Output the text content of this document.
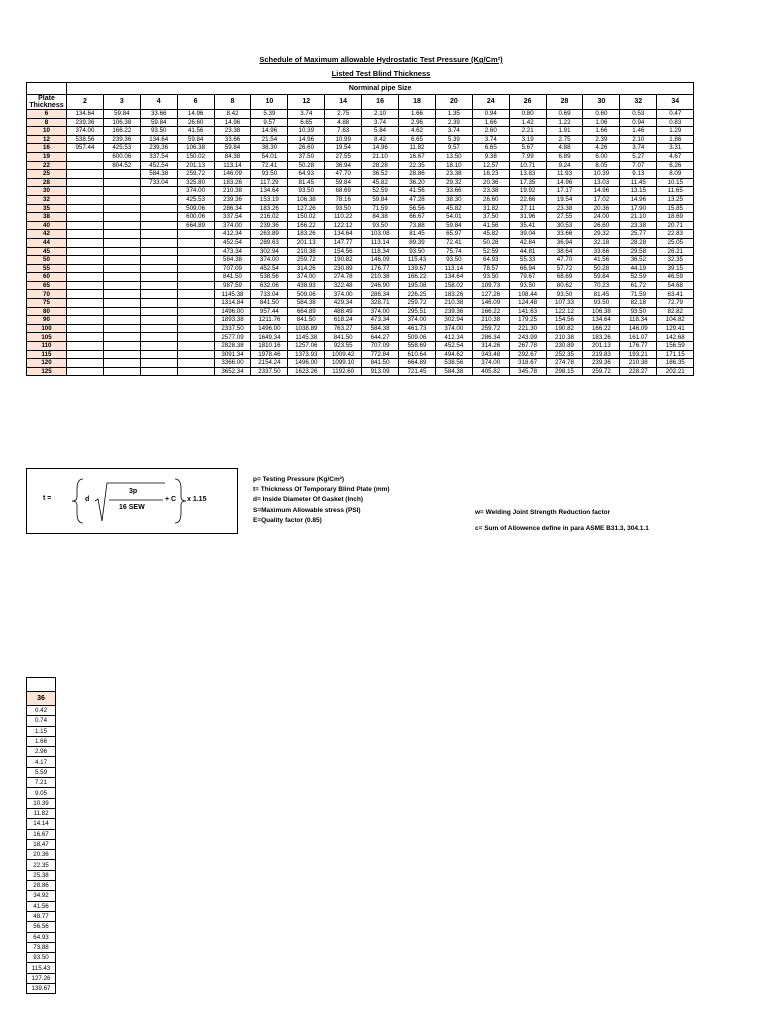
Schedule of Maximum allowable Hydrostatic Test Pressure (Kg/Cm²)
Listed Test Blind Thickness
	Norminal pipe Size																
Plate Thickness	2	3	4	6	8	10	12	14	16	18	20	24	26	28	30	32	34
6	134.64	59.84	33.66	14.96	8.42	5.39	3.74	2.75	2.10	1.66	1.35	0.94	0.80	0.69	0.60	0.53	0.47
8	239.36	106.38	59.84	26.60	14.96	9.57	6.65	4.88	3.74	2.96	2.39	1.66	1.42	1.22	1.06	0.94	0.83
10	374.00	166.22	93.50	41.56	23.38	14.96	10.39	7.63	5.84	4.62	3.74	2.60	2.21	1.91	1.66	1.46	1.29
12	538.56	239.36	134.64	59.84	33.66	21.54	14.96	10.99	8.42	6.65	5.39	3.74	3.19	2.75	2.39	2.10	1.86
16	957.44	425.53	239.36	106.38	59.84	38.30	26.60	19.54	14.96	11.82	9.57	6.65	5.67	4.88	4.26	3.74	3.31
19		600.06	337.54	150.02	84.38	54.01	37.50	27.55	21.10	16.67	13.50	9.38	7.99	6.89	6.00	5.27	4.67
22		804.52	452.54	201.13	113.14	72.41	50.28	36.94	28.28	22.35	18.10	12.57	10.71	9.24	8.05	7.07	6.26
25			584.38	259.72	146.09	93.50	64.93	47.70	36.52	28.86	23.38	16.23	13.83	11.93	10.39	9.13	8.09
28			733.04	325.80	183.26	117.29	81.45	59.84	45.82	36.20	29.32	20.36	17.35	14.96	13.03	11.45	10.15
30				374.00	210.38	134.64	93.50	68.69	52.59	41.56	33.66	23.38	19.92	17.17	14.96	13.15	11.65
32				425.53	239.36	153.19	106.38	78.16	59.84	47.28	38.30	26.60	22.66	19.54	17.02	14.96	13.25
35				509.06	286.34	183.26	127.26	93.50	71.59	56.56	45.82	31.82	27.11	23.38	20.36	17.90	15.85
38				600.06	337.54	216.02	150.02	110.22	84.38	66.67	54.01	37.50	31.96	27.55	24.00	21.10	18.69
40				664.89	374.00	239.36	166.22	122.12	93.50	73.88	59.84	41.56	35.41	30.53	26.60	23.38	20.71
42					412.34	263.89	183.26	134.64	103.08	81.45	65.97	45.82	39.04	33.66	29.32	25.77	22.83
44					452.54	289.63	201.13	147.77	113.14	89.39	72.41	50.28	42.84	36.94	32.18	28.28	25.05
45					473.34	302.94	210.38	154.56	118.34	93.50	75.74	52.59	44.81	38.64	33.66	29.58	26.21
50					584.38	374.00	259.72	190.82	146.09	115.43	93.50	64.93	55.33	47.70	41.56	36.52	32.35
55					707.09	452.54	314.26	230.89	176.77	139.67	113.14	78.57	66.94	57.72	50.28	44.19	39.15
60					841.50	538.56	374.00	274.78	210.38	166.22	134.64	93.50	79.67	68.69	59.84	52.59	46.59
65					987.59	632.06	438.93	322.48	246.90	195.08	158.02	109.73	93.50	80.62	70.23	61.72	54.68
70					1145.38	733.04	509.06	374.00	286.34	226.25	183.26	127.26	108.44	93.50	81.45	71.59	63.41
75					1314.84	841.50	584.38	429.34	328.71	259.72	210.38	146.09	124.48	107.33	93.50	82.18	72.79
80					1496.00	957.44	664.89	488.49	374.00	295.51	239.36	166.22	141.63	122.12	106.38	93.50	82.82
90					1893.38	1211.76	841.50	618.24	473.34	374.00	302.94	210.38	179.25	154.56	134.64	118.34	104.82
100					2337.50	1496.00	1038.89	763.27	584.38	461.73	374.00	259.72	221.30	190.82	166.22	146.09	129.41
105					2577.09	1649.34	1145.38	841.50	644.27	509.06	412.34	286.34	243.99	210.38	183.26	161.07	142.68
110					2828.38	1810.16	1257.06	923.55	707.09	558.69	452.54	314.26	267.78	230.89	201.13	176.77	156.59
115					3091.34	1978.46	1373.93	1009.42	772.84	610.64	494.62	343.48	292.67	252.35	219.83	193.21	171.15
120					3366.00	2154.24	1496.00	1099.10	841.50	664.89	538.56	374.00	318.67	274.78	239.36	210.38	186.35
125					3652.34	2337.50	1623.26	1192.60	913.09	721.45	584.38	405.82	345.78	298.15	259.72	228.27	202.21
t =	d
3p
16 SEW
+ C x 1.15
p= Testing Pressure (Kg/Cm²)
t= Thickness Of Temporary Blind Plate (mm)
d= Inside Diameter Of Gasket (Inch)
S=Maximum Allowable stress (PSI)
E=Quality factor (0.85)
w= Welding Joint Strength Reduction factor
c= Sum of Allowence define in para ASME B31.3, 304.1.1

36
0.42
0.74
1.15
1.66
2.96
4.17
5.59
7.21
9.05
10.39
11.82
14.14
16.67
18.47
20.36
22.35
25.38
28.86
34.92
41.56
48.77
56.56
64.93
73.88
93.50
115.43
127.26
139.67
